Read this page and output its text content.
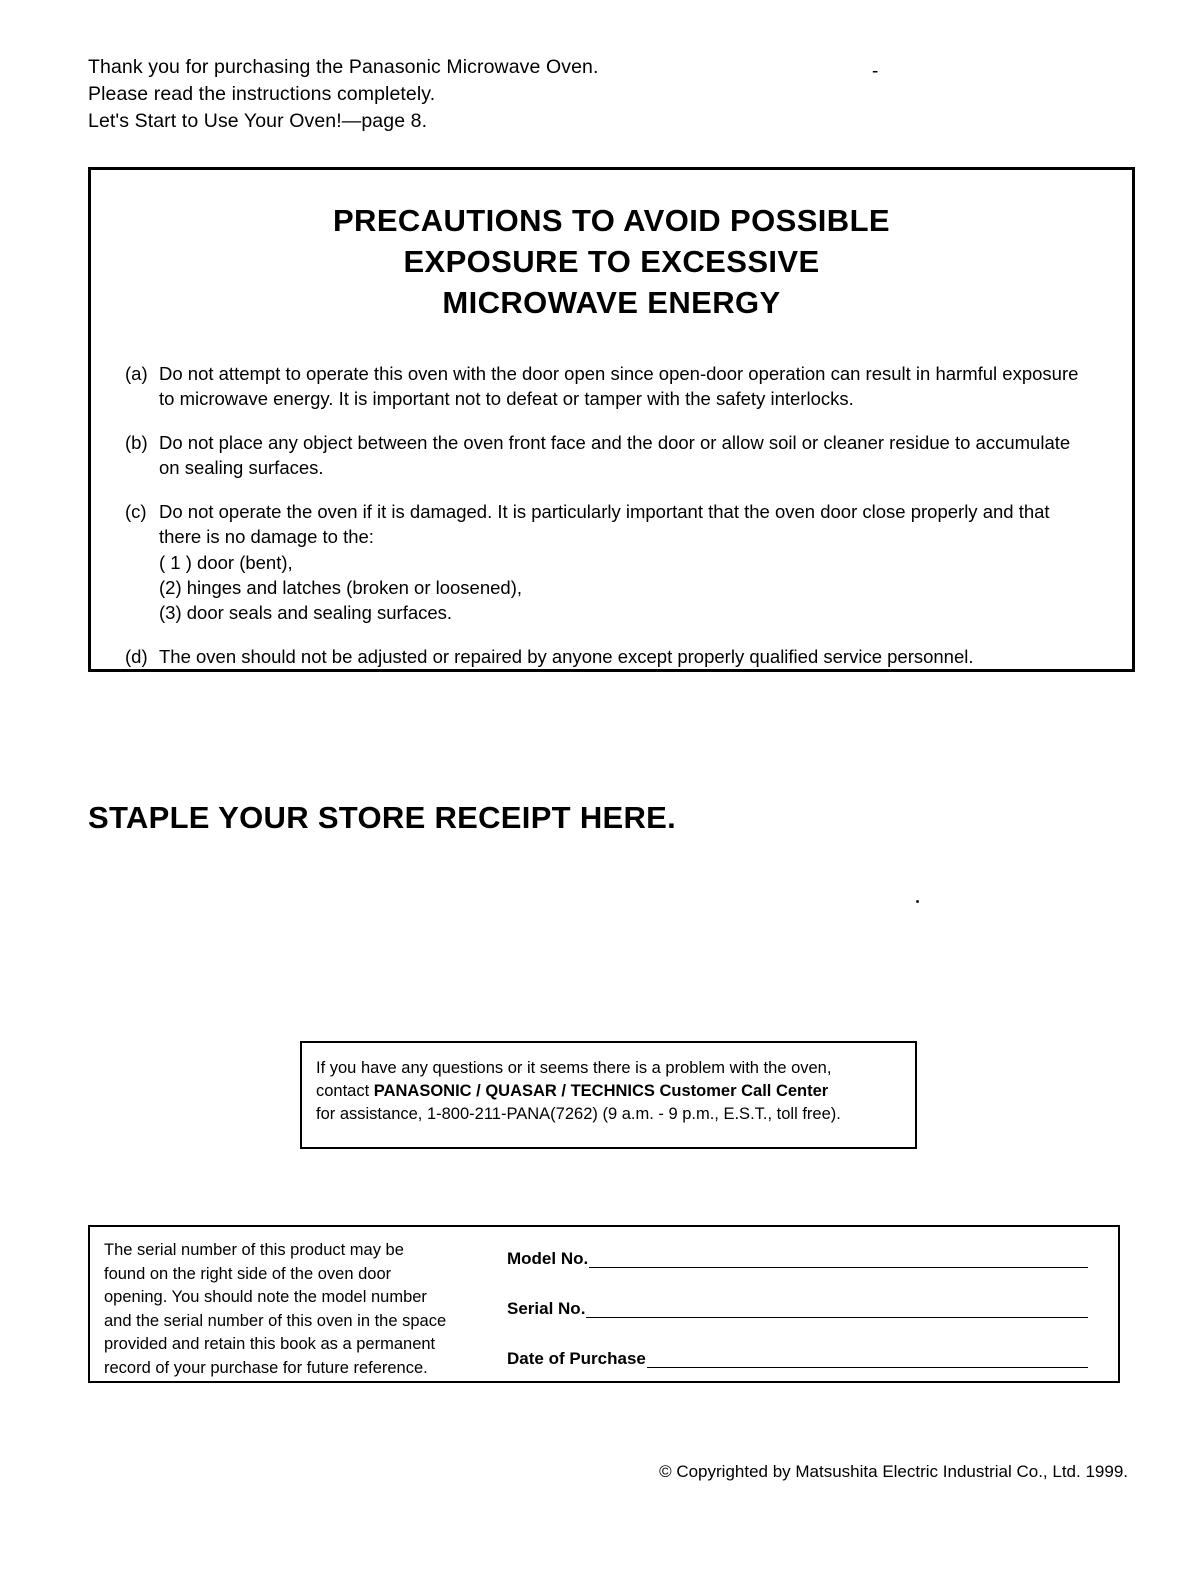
Thank you for purchasing the Panasonic Microwave Oven.
Please read the instructions completely.
Let's Start to Use Your Oven!—page 8.
-
PRECAUTIONS TO AVOID POSSIBLE
EXPOSURE TO EXCESSIVE
MICROWAVE ENERGY
(a) Do not attempt to operate this oven with the door open since open-door operation can result in harmful exposure to microwave energy. It is important not to defeat or tamper with the safety interlocks.
(b) Do not place any object between the oven front face and the door or allow soil or cleaner residue to accumulate on sealing surfaces.
(c) Do not operate the oven if it is damaged. It is particularly important that the oven door close properly and that there is no damage to the:
( 1 ) door (bent),
(2) hinges and latches (broken or loosened),
(3) door seals and sealing surfaces.
(d) The oven should not be adjusted or repaired by anyone except properly qualified service personnel.
STAPLE YOUR STORE RECEIPT HERE.
If you have any questions or it seems there is a problem with the oven,
contact PANASONIC / QUASAR / TECHNICS Customer Call Center
for assistance, 1-800-211-PANA(7262) (9 a.m. - 9 p.m., E.S.T., toll free).
The serial number of this product may be
found on the right side of the oven door
opening. You should note the model number
and the serial number of this oven in the space
provided and retain this book as a permanent
record of your purchase for future reference.
Model No.
Serial No.
Date of Purchase
© Copyrighted by Matsushita Electric Industrial Co., Ltd. 1999.
